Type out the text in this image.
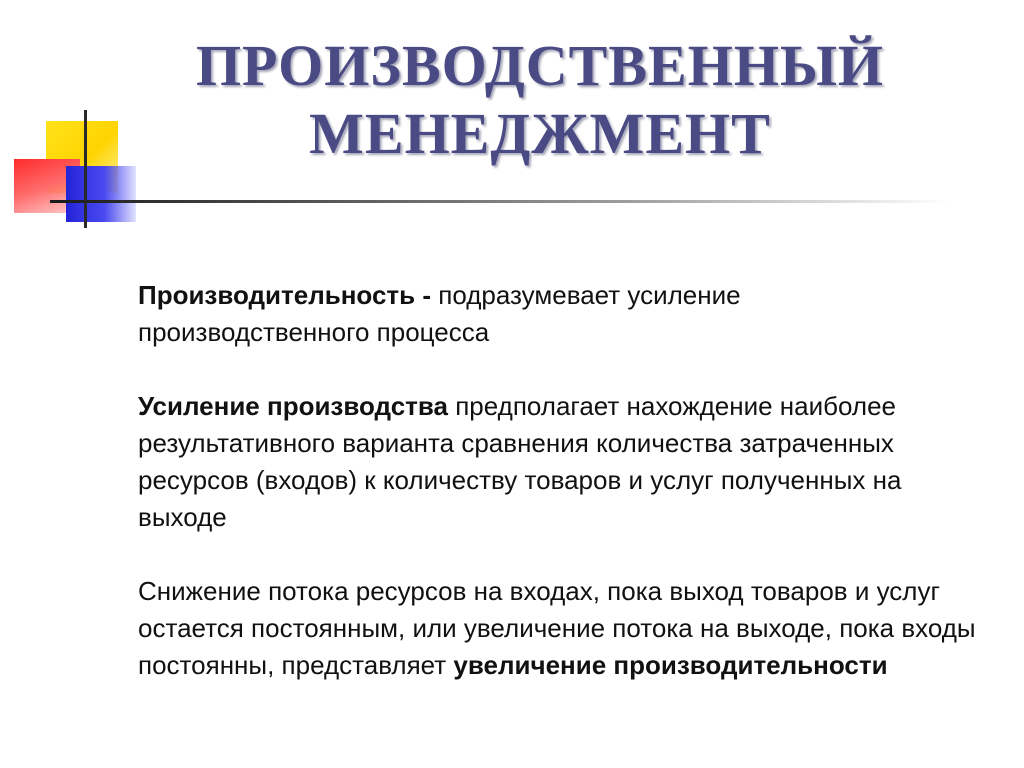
ПРОИЗВОДСТВЕННЫЙ
МЕНЕДЖМЕНТ

Производительность - подразумевает усиление производственного процесса

Усиление производства предполагает нахождение наиболее результативного варианта сравнения количества затраченных ресурсов (входов) к количеству товаров и услуг полученных на выходе

Снижение потока ресурсов на входах, пока выход товаров и услуг остается постоянным, или увеличение потока на выходе, пока входы постоянны, представляет увеличение производительности
